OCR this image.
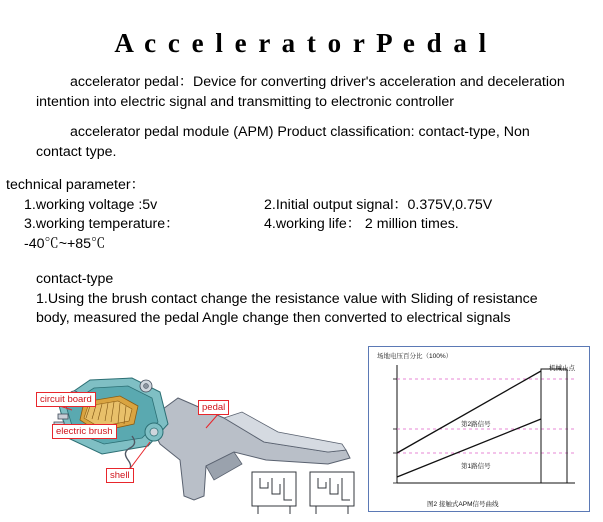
A c c e l e r a t o r P e d a l
accelerator pedal：Device for converting driver's acceleration and deceleration intention into electric signal and transmitting to electronic controller
accelerator pedal module (APM) Product classification: contact-type, Non contact type.
technical parameter：
1.working voltage :5v	2.Initial output signal：0.375V,0.75V
3.working temperature： -40℃~+85℃
4.working life： 2 million times.
contact-type
1.Using the brush contact change the resistance value with Sliding of resistance body, measured the pedal Angle change then converted to electrical signals
circuit board
electric brush
shell
pedal
场地电压百分比（100%）
机械止点
第2路信号
第1路信号
图2 接触式APM信号曲线
